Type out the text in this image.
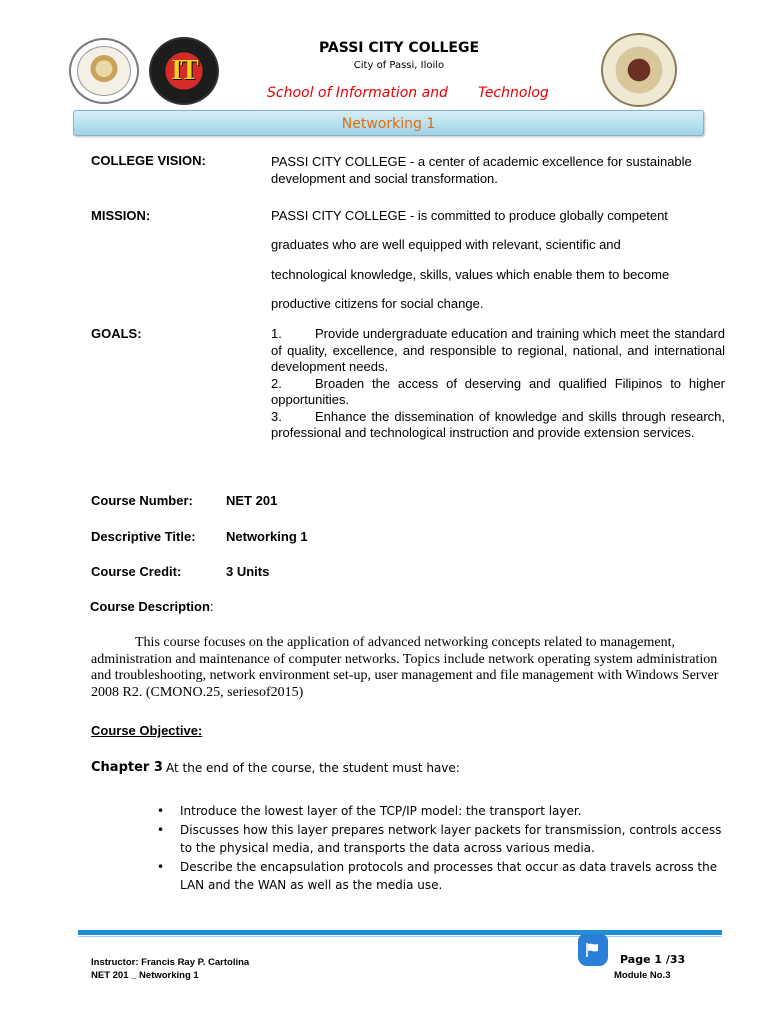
IT
PASSI CITY COLLEGE
City of Passi, Iloilo
School of Information and Technolog
Networking 1
COLLEGE VISION:	PASSI CITY COLLEGE - a center of academic excellence for sustainable development and social transformation.
MISSION:	PASSI CITY COLLEGE - is committed to produce globally competent
graduates who are well equipped with relevant, scientific and
technological knowledge, skills, values which enable them to become
productive citizens for social change.
GOALS:	1.	Provide undergraduate education and training which meet the standard of quality, excellence, and responsible to regional, national, and international development needs.
2.	Broaden the access of deserving and qualified Filipinos to higher opportunities.
3.	Enhance the dissemination of knowledge and skills through research, professional and technological instruction and provide extension services.
Course Number:	NET 201
Descriptive Title: Networking 1
Course Credit:	3 Units
Course Description:
This course focuses on the application of advanced networking concepts related to management, administration and maintenance of computer networks. Topics include network operating system administration and troubleshooting, network environment set-up, user management and file management with Windows Server 2008 R2. (CMONO.25, seriesof2015)
Course Objective:
Chapter 3 At the end of the course, the student must have:
• Introduce the lowest layer of the TCP/IP model: the transport layer.
• Discusses how this layer prepares network layer packets for transmission, controls access to the physical media, and transports the data across various media.
• Describe the encapsulation protocols and processes that occur as data travels across the LAN and the WAN as well as the media use.
Instructor: Francis Ray P. Cartolina
NET 201 _ Networking 1
Page 1 /33
Module No.3
